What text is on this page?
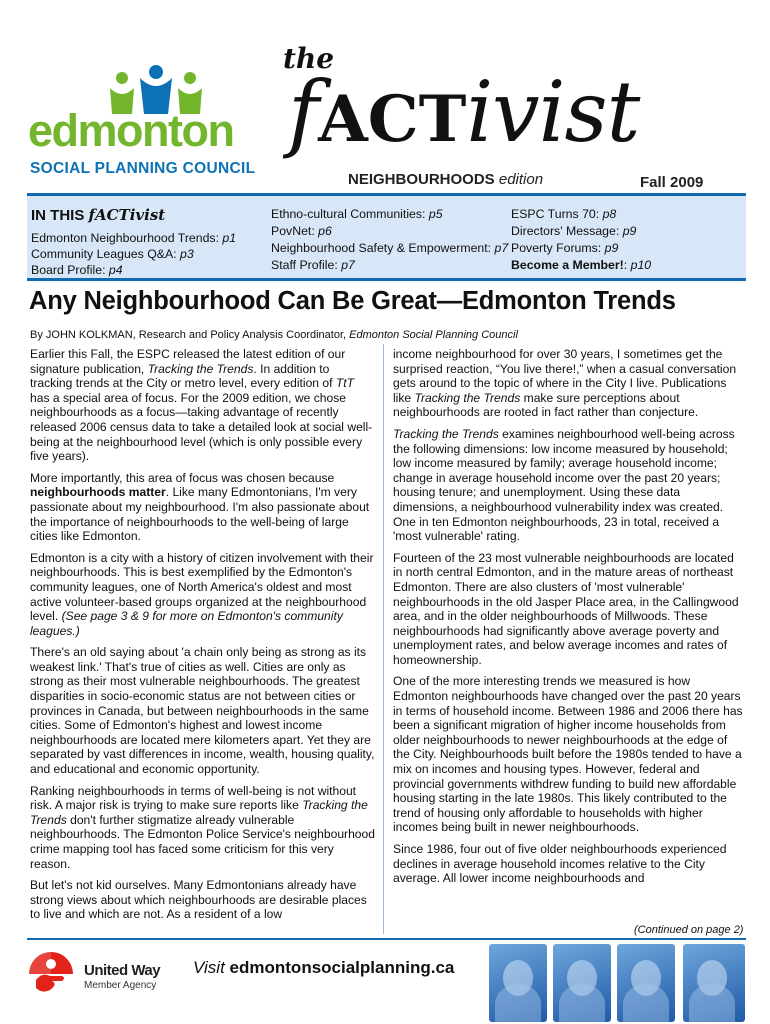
edmonton
SOCIAL PLANNING COUNCIL
the
fACTivist
NEIGHBOURHOODS edition	Fall 2009
IN THIS fACTivist
Edmonton Neighbourhood Trends: p1
Community Leagues Q&A: p3
Board Profile: p4
Ethno-cultural Communities: p5
PovNet: p6
Neighbourhood Safety & Empowerment: p7
Staff Profile: p7
ESPC Turns 70: p8
Directors' Message: p9
Poverty Forums: p9
Become a Member!: p10
Any Neighbourhood Can Be Great—Edmonton Trends
By JOHN KOLKMAN, Research and Policy Analysis Coordinator, Edmonton Social Planning Council

Earlier this Fall, the ESPC released the latest edition of our signature publication, Tracking the Trends. In addition to tracking trends at the City or metro level, every edition of TtT has a special area of focus. For the 2009 edition, we chose neighbourhoods as a focus—taking advantage of recently released 2006 census data to take a detailed look at social well-being at the neighbourhood level (which is only possible every five years).

More importantly, this area of focus was chosen because neighbourhoods matter. Like many Edmontonians, I'm very passionate about my neighbourhood. I'm also passionate about the importance of neighbourhoods to the well-being of large cities like Edmonton.

Edmonton is a city with a history of citizen involvement with their neighbourhoods. This is best exemplified by the Edmonton's community leagues, one of North America's oldest and most active volunteer-based groups organized at the neighbourhood level. (See page 3 & 9 for more on Edmonton's community leagues.)

There's an old saying about 'a chain only being as strong as its weakest link.' That's true of cities as well. Cities are only as strong as their most vulnerable neighbourhoods. The greatest disparities in socio-economic status are not between cities or provinces in Canada, but between neighbourhoods in the same cities. Some of Edmonton's highest and lowest income neighbourhoods are located mere kilometers apart. Yet they are separated by vast differences in income, wealth, housing quality, and educational and economic opportunity.

Ranking neighbourhoods in terms of well-being is not without risk. A major risk is trying to make sure reports like Tracking the Trends don't further stigmatize already vulnerable neighbourhoods. The Edmonton Police Service's neighbourhood crime mapping tool has faced some criticism for this very reason.

But let's not kid ourselves. Many Edmontonians already have strong views about which neighbourhoods are desirable places to live and which are not. As a resident of a low

income neighbourhood for over 30 years, I sometimes get the surprised reaction, “You live there!,” when a casual conversation gets around to the topic of where in the City I live. Publications like Tracking the Trends make sure perceptions about neighbourhoods are rooted in fact rather than conjecture.

Tracking the Trends examines neighbourhood well-being across the following dimensions: low income measured by household; low income measured by family; average household income; change in average household income over the past 20 years; housing tenure; and unemployment. Using these data dimensions, a neighbourhood vulnerability index was created. One in ten Edmonton neighbourhoods, 23 in total, received a 'most vulnerable' rating.

Fourteen of the 23 most vulnerable neighbourhoods are located in north central Edmonton, and in the mature areas of northeast Edmonton. There are also clusters of 'most vulnerable' neighbourhoods in the old Jasper Place area, in the Callingwood area, and in the older neighbourhoods of Millwoods. These neighbourhoods had significantly above average poverty and unemployment rates, and below average incomes and rates of homeownership.

One of the more interesting trends we measured is how Edmonton neighbourhoods have changed over the past 20 years in terms of household income. Between 1986 and 2006 there has been a significant migration of higher income households from older neighbourhoods to newer neighbourhoods at the edge of the City. Neighbourhoods built before the 1980s tended to have a mix on incomes and housing types. However, federal and provincial governments withdrew funding to build new affordable housing starting in the late 1980s. This likely contributed to the trend of housing only affordable to households with higher incomes being built in newer neighbourhoods.

Since 1986, four out of five older neighbourhoods experienced declines in average household incomes relative to the City average. All lower income neighbourhoods and

(Continued on page 2)
United Way
Member Agency
Visit edmontonsocialplanning.ca
